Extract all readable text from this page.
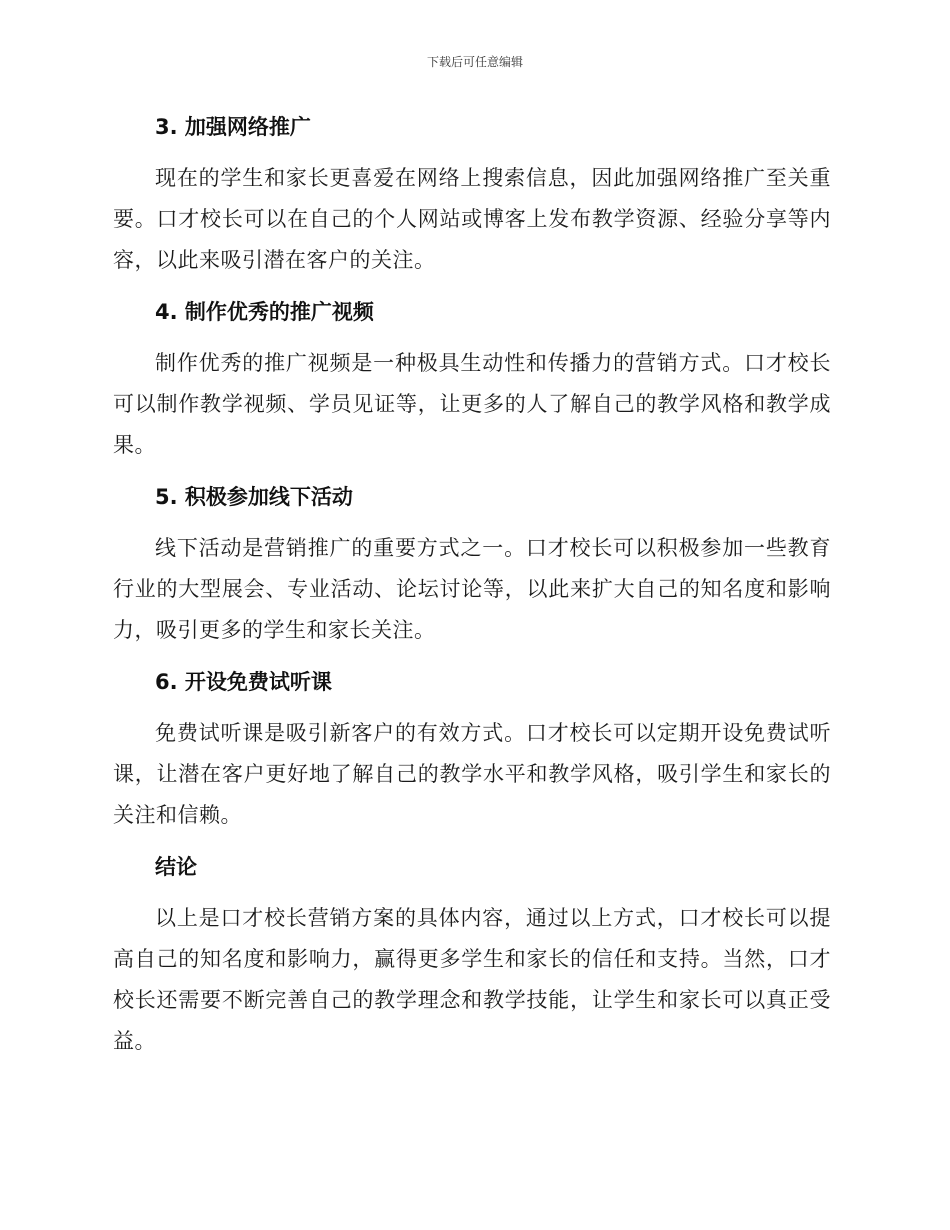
下载后可任意编辑
3. 加强网络推广

现在的学生和家长更喜爱在网络上搜索信息，因此加强网络推广至关重要。口才校长可以在自己的个人网站或博客上发布教学资源、经验分享等内容，以此来吸引潜在客户的关注。

4. 制作优秀的推广视频

制作优秀的推广视频是一种极具生动性和传播力的营销方式。口才校长可以制作教学视频、学员见证等，让更多的人了解自己的教学风格和教学成果。

5. 积极参加线下活动

线下活动是营销推广的重要方式之一。口才校长可以积极参加一些教育行业的大型展会、专业活动、论坛讨论等，以此来扩大自己的知名度和影响力，吸引更多的学生和家长关注。

6. 开设免费试听课

免费试听课是吸引新客户的有效方式。口才校长可以定期开设免费试听课，让潜在客户更好地了解自己的教学水平和教学风格，吸引学生和家长的关注和信赖。

结论

以上是口才校长营销方案的具体内容，通过以上方式，口才校长可以提高自己的知名度和影响力，赢得更多学生和家长的信任和支持。当然，口才校长还需要不断完善自己的教学理念和教学技能，让学生和家长可以真正受益。
